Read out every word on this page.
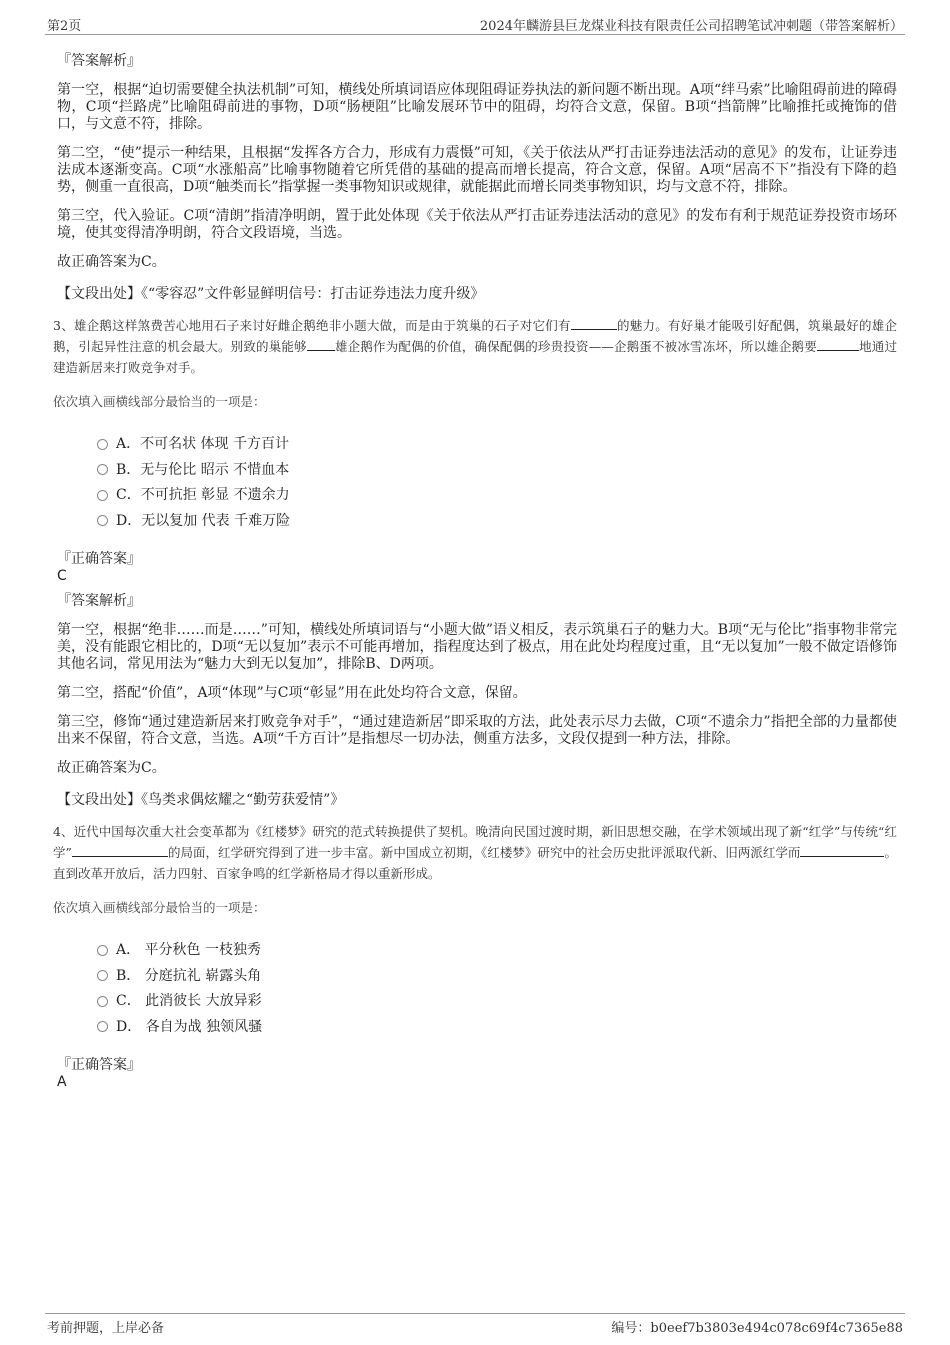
第2页	2024年麟游县巨龙煤业科技有限责任公司招聘笔试冲刺题（带答案解析）
『答案解析』

第一空，根据“迫切需要健全执法机制”可知，横线处所填词语应体现阻碍证券执法的新问题不断出现。A项“绊马索”比喻阻碍前进的障碍物，C项“拦路虎”比喻阻碍前进的事物，D项“肠梗阻”比喻发展环节中的阻碍，均符合文意，保留。B项“挡箭牌”比喻推托或掩饰的借口，与文意不符，排除。

第二空，“使”提示一种结果，且根据“发挥各方合力，形成有力震慑”可知，《关于依法从严打击证券违法活动的意见》的发布，让证券违法成本逐渐变高。C项“水涨船高”比喻事物随着它所凭借的基础的提高而增长提高，符合文意，保留。A项“居高不下”指没有下降的趋势，侧重一直很高，D项“触类而长”指掌握一类事物知识或规律，就能据此而增长同类事物知识，均与文意不符，排除。

第三空，代入验证。C项“清朗”指清净明朗，置于此处体现《关于依法从严打击证券违法活动的意见》的发布有利于规范证券投资市场环境，使其变得清净明朗，符合文段语境，当选。

故正确答案为C。

【文段出处】《“零容忍”文件彰显鲜明信号：打击证券违法力度升级》
3、雄企鹅这样煞费苦心地用石子来讨好雌企鹅绝非小题大做，而是由于筑巢的石子对它们有	的魅力。有好巢才能吸引好配偶，筑巢最好的雄企鹅，引起异性注意的机会最大。别致的巢能够 雄企鹅作为配偶的价值，确保配偶的珍贵投资——企鹅蛋不被冰雪冻坏，所以雄企鹅要	地通过建造新居来打败竞争对手。
依次填入画横线部分最恰当的一项是：
A．不可名状 体现 千方百计
B．无与伦比 昭示 不惜血本
C．不可抗拒 彰显 不遗余力
D．无以复加 代表 千难万险
『正确答案』
C
『答案解析』

第一空，根据“绝非……而是……”可知，横线处所填词语与“小题大做”语义相反，表示筑巢石子的魅力大。B项“无与伦比”指事物非常完美，没有能跟它相比的，D项“无以复加”表示不可能再增加，指程度达到了极点，用在此处均程度过重，且“无以复加”一般不做定语修饰其他名词，常见用法为“魅力大到无以复加”，排除B、D两项。

第二空，搭配“价值”，A项“体现”与C项“彰显”用在此处均符合文意，保留。

第三空，修饰“通过建造新居来打败竞争对手”，“通过建造新居”即采取的方法，此处表示尽力去做，C项“不遗余力”指把全部的力量都使出来不保留，符合文意，当选。A项“千方百计”是指想尽一切办法，侧重方法多，文段仅提到一种方法，排除。

故正确答案为C。

【文段出处】《鸟类求偶炫耀之“勤劳获爱情”》
4、近代中国每次重大社会变革都为《红楼梦》研究的范式转换提供了契机。晚清向民国过渡时期，新旧思想交融，在学术领域出现了新“红学”与传统“红学”	的局面，红学研究得到了进一步丰富。新中国成立初期，《红楼梦》研究中的社会历史批评派取代新、旧两派红学而	。直到改革开放后，活力四射、百家争鸣的红学新格局才得以重新形成。
依次填入画横线部分最恰当的一项是：
A． 平分秋色 一枝独秀
B． 分庭抗礼 崭露头角
C． 此消彼长 大放异彩
D． 各自为战 独领风骚
『正确答案』
A
考前押题，上岸必备	编号：b0eef7b3803e494c078c69f4c7365e88
